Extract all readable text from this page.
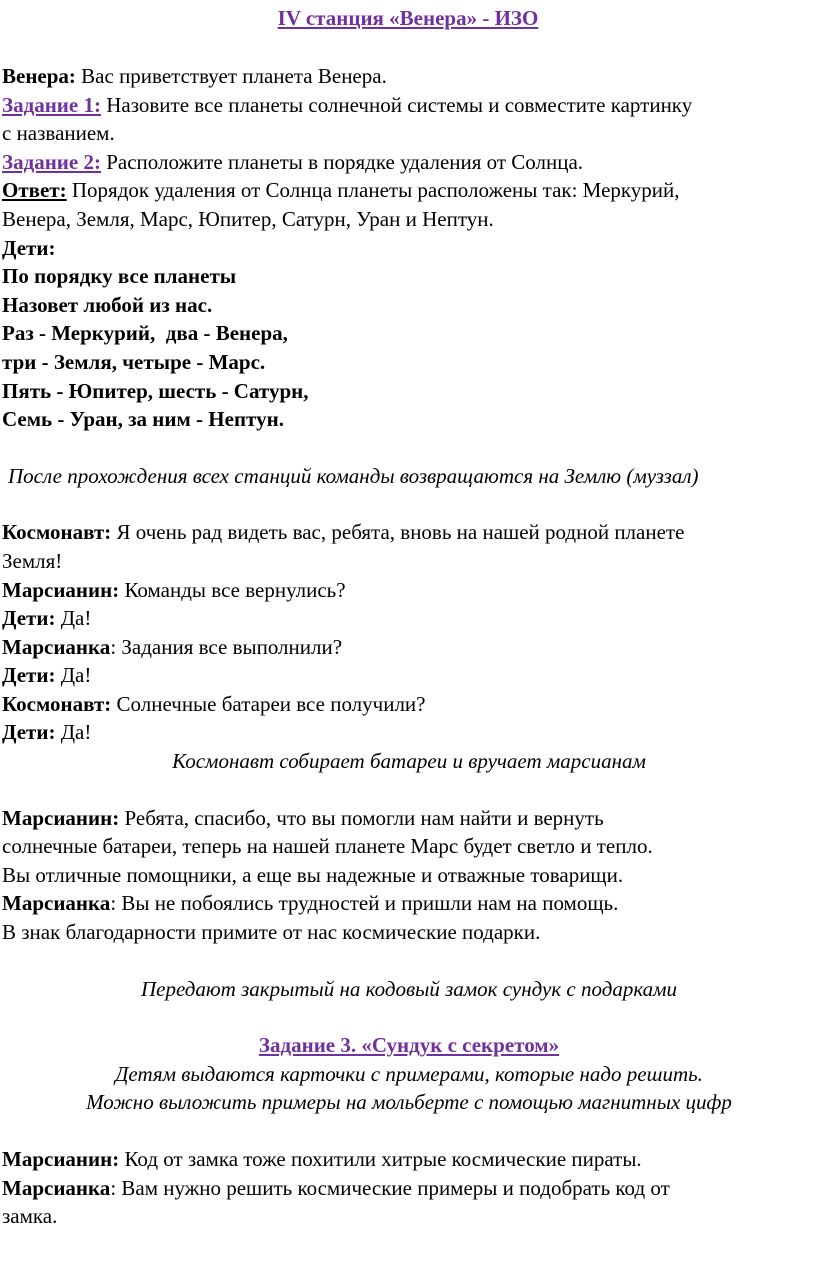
IV станция «Венера» - ИЗО

Венера: Вас приветствует планета Венера.

Задание 1: Назовите все планеты солнечной системы и совместите картинку

с названием.

Задание 2: Расположите планеты в порядке удаления от Солнца.

Ответ: Порядок удаления от Солнца планеты расположены так: Меркурий,

Венера, Земля, Марс, Юпитер, Сатурн, Уран и Нептун.

Дети:

По порядку все планеты

Назовет любой из нас.

Раз - Меркурий,  два - Венера,

три - Земля, четыре - Марс.

Пять - Юпитер, шесть - Сатурн,

Семь - Уран, за ним - Нептун.

После прохождения всех станций команды возвращаются на Землю (муззал)

Космонавт: Я очень рад видеть вас, ребята, вновь на нашей родной планете

Земля!

Марсианин: Команды все вернулись?

Дети: Да!

Марсианка: Задания все выполнили?

Дети: Да!

Космонавт: Солнечные батареи все получили?

Дети: Да!

Космонавт собирает батареи и вручает марсианам

Марсианин: Ребята, спасибо, что вы помогли нам найти и вернуть

солнечные батареи, теперь на нашей планете Марс будет светло и тепло.

Вы отличные помощники, а еще вы надежные и отважные товарищи.

Марсианка: Вы не побоялись трудностей и пришли нам на помощь.

В знак благодарности примите от нас космические подарки.

Передают закрытый на кодовый замок сундук с подарками

Задание 3. «Сундук с секретом»

Детям выдаются карточки с примерами, которые надо решить.

Можно выложить примеры на мольберте с помощью магнитных цифр

Марсианин: Код от замка тоже похитили хитрые космические пираты.

Марсианка: Вам нужно решить космические примеры и подобрать код от

замка.
